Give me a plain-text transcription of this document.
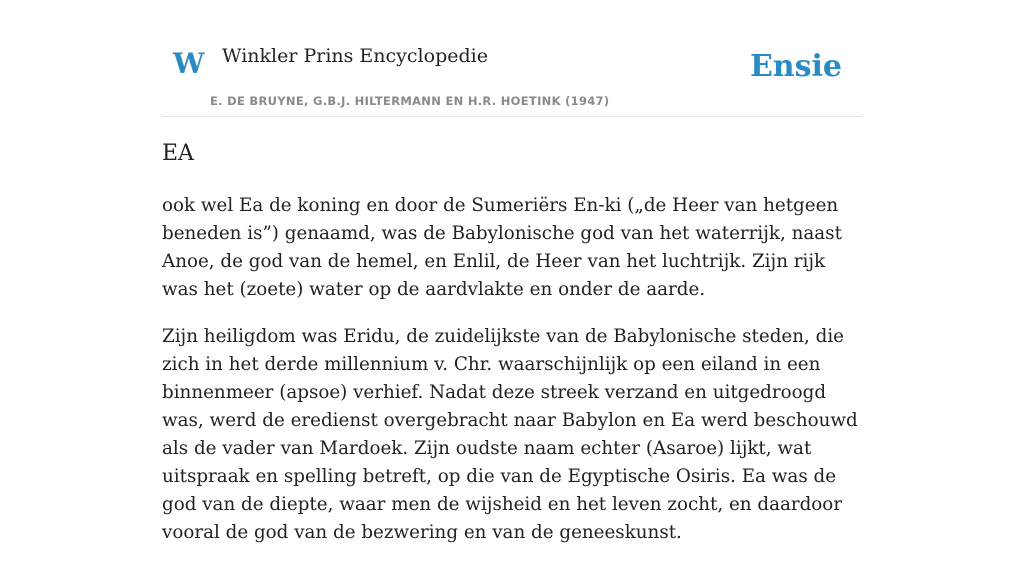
W Winkler Prins Encyclopedie	Ensie
E. DE BRUYNE, G.B.J. HILTERMANN EN H.R. HOETINK (1947)
EA

ook wel Ea de koning en door de Sumeriërs En-ki („de Heer van hetgeen beneden is”) genaamd, was de Babylonische god van het waterrijk, naast Anoe, de god van de hemel, en Enlil, de Heer van het luchtrijk. Zijn rijk was het (zoete) water op de aardvlakte en onder de aarde.

Zijn heiligdom was Eridu, de zuidelijkste van de Babylonische steden, die zich in het derde millennium v. Chr. waarschijnlijk op een eiland in een binnenmeer (apsoe) verhief. Nadat deze streek verzand en uitgedroogd was, werd de eredienst overgebracht naar Babylon en Ea werd beschouwd als de vader van Mardoek. Zijn oudste naam echter (Asaroe) lijkt, wat uitspraak en spelling betreft, op die van de Egyptische Osiris. Ea was de god van de diepte, waar men de wijsheid en het leven zocht, en daardoor vooral de god van de bezwering en van de geneeskunst.
